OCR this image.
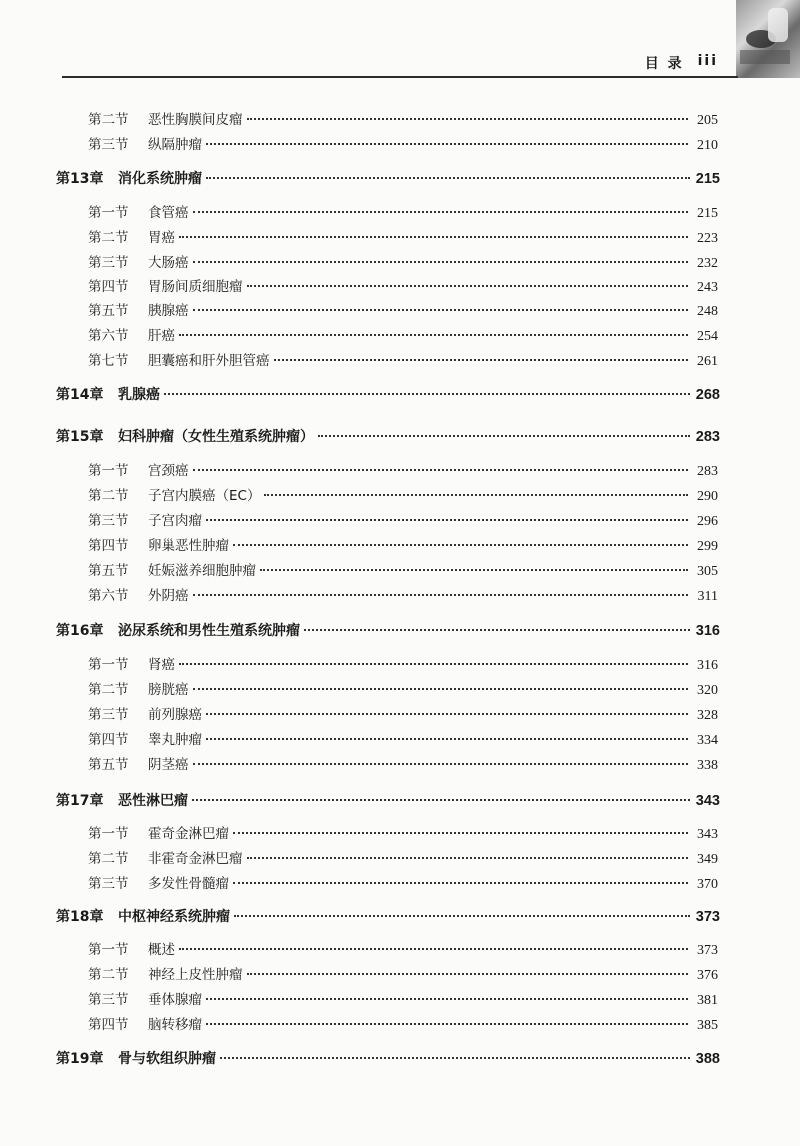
目 录 iii
第二节	恶性胸膜间皮瘤	205
第三节	纵隔肿瘤	210
第13章	消化系统肿瘤	215
第一节	食管癌	215
第二节	胃癌	223
第三节	大肠癌	232
第四节	胃肠间质细胞瘤	243
第五节	胰腺癌	248
第六节	肝癌	254
第七节	胆囊癌和肝外胆管癌	261
第14章	乳腺癌	268
第15章	妇科肿瘤（女性生殖系统肿瘤）	283
第一节	宫颈癌	283
第二节	子宫内膜癌（EC）	290
第三节	子宫肉瘤	296
第四节	卵巢恶性肿瘤	299
第五节	妊娠滋养细胞肿瘤	305
第六节	外阴癌	311
第16章	泌尿系统和男性生殖系统肿瘤	316
第一节	肾癌	316
第二节	膀胱癌	320
第三节	前列腺癌	328
第四节	睾丸肿瘤	334
第五节	阴茎癌	338
第17章	恶性淋巴瘤	343
第一节	霍奇金淋巴瘤	343
第二节	非霍奇金淋巴瘤	349
第三节	多发性骨髓瘤	370
第18章	中枢神经系统肿瘤	373
第一节	概述	373
第二节	神经上皮性肿瘤	376
第三节	垂体腺瘤	381
第四节	脑转移瘤	385
第19章	骨与软组织肿瘤	388
